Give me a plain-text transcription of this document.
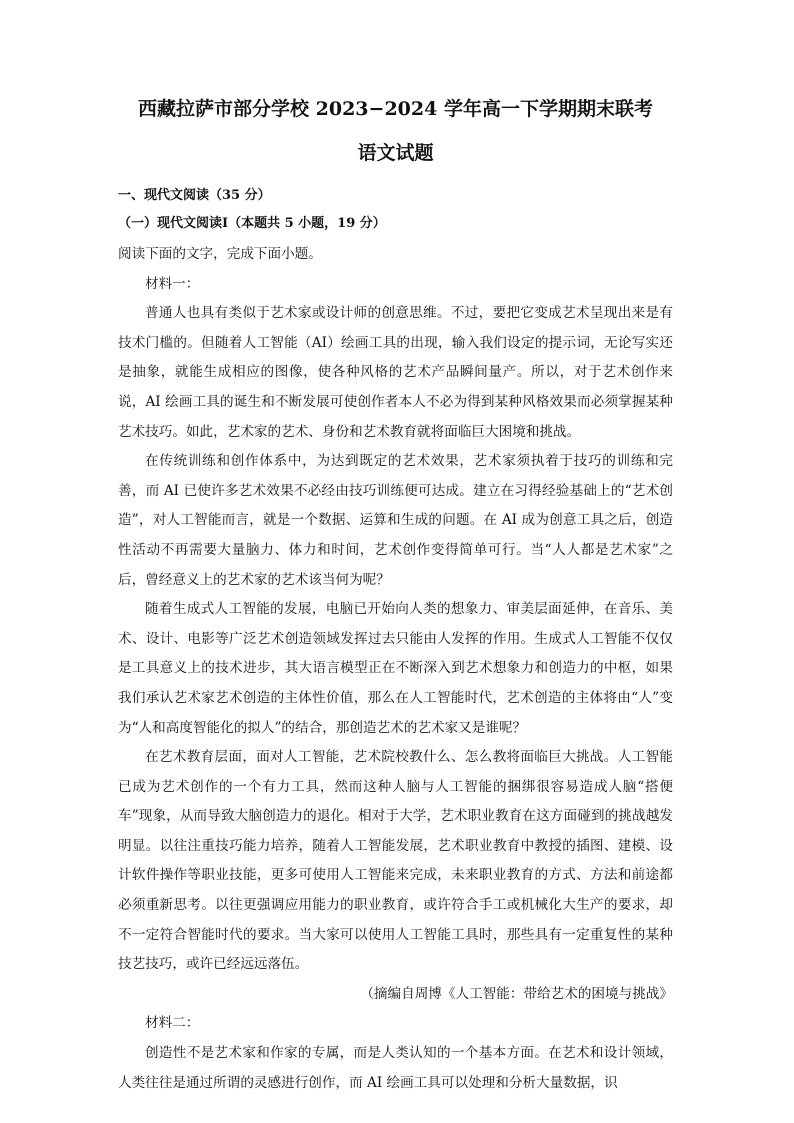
西藏拉萨市部分学校 2023−2024 学年高一下学期期末联考

语文试题

一、现代文阅读（35 分）

（一）现代文阅读Ⅰ（本题共 5 小题，19 分）

阅读下面的文字，完成下面小题。

材料一：

普通人也具有类似于艺术家或设计师的创意思维。不过，要把它变成艺术呈现出来是有技术门槛的。但随着人工智能（AI）绘画工具的出现，输入我们设定的提示词，无论写实还是抽象，就能生成相应的图像，使各种风格的艺术产品瞬间量产。所以，对于艺术创作来说，AI 绘画工具的诞生和不断发展可使创作者本人不必为得到某种风格效果而必须掌握某种艺术技巧。如此，艺术家的艺术、身份和艺术教育就将面临巨大困境和挑战。

在传统训练和创作体系中，为达到既定的艺术效果，艺术家须执着于技巧的训练和完善，而 AI 已使许多艺术效果不必经由技巧训练便可达成。建立在习得经验基础上的“艺术创造”，对人工智能而言，就是一个数据、运算和生成的问题。在 AI 成为创意工具之后，创造性活动不再需要大量脑力、体力和时间，艺术创作变得简单可行。当“人人都是艺术家”之后，曾经意义上的艺术家的艺术该当何为呢？

随着生成式人工智能的发展，电脑已开始向人类的想象力、审美层面延伸，在音乐、美术、设计、电影等广泛艺术创造领域发挥过去只能由人发挥的作用。生成式人工智能不仅仅是工具意义上的技术进步，其大语言模型正在不断深入到艺术想象力和创造力的中枢，如果我们承认艺术家艺术创造的主体性价值，那么在人工智能时代，艺术创造的主体将由“人”变为“人和高度智能化的拟人”的结合，那创造艺术的艺术家又是谁呢？

在艺术教育层面，面对人工智能，艺术院校教什么、怎么教将面临巨大挑战。人工智能已成为艺术创作的一个有力工具，然而这种人脑与人工智能的捆绑很容易造成人脑“搭便车”现象，从而导致大脑创造力的退化。相对于大学，艺术职业教育在这方面碰到的挑战越发明显。以往注重技巧能力培养，随着人工智能发展，艺术职业教育中教授的插图、建模、设计软件操作等职业技能，更多可使用人工智能来完成，未来职业教育的方式、方法和前途都必须重新思考。以往更强调应用能力的职业教育，或许符合手工或机械化大生产的要求，却不一定符合智能时代的要求。当大家可以使用人工智能工具时，那些具有一定重复性的某种技艺技巧，或许已经远远落伍。

（摘编自周博《人工智能：带给艺术的困境与挑战》

材料二：

创造性不是艺术家和作家的专属，而是人类认知的一个基本方面。在艺术和设计领域，人类往往是通过所谓的灵感进行创作，而 AI 绘画工具可以处理和分析大量数据，识
